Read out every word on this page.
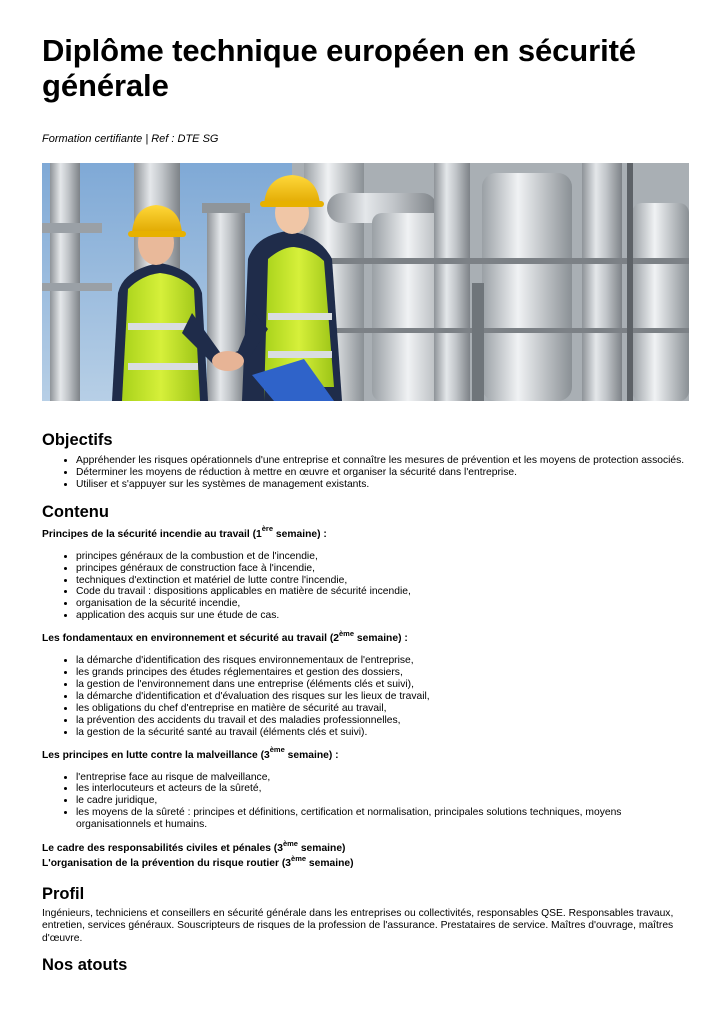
Diplôme technique européen en sécurité générale
Formation certifiante | Ref : DTE SG
Objectifs
• Appréhender les risques opérationnels d'une entreprise et connaître les mesures de prévention et les moyens de protection associés.
• Déterminer les moyens de réduction à mettre en œuvre et organiser la sécurité dans l'entreprise.
• Utiliser et s'appuyer sur les systèmes de management existants.
Contenu

Principes de la sécurité incendie au travail (1ère semaine) :

• principes généraux de la combustion et de l'incendie,
• principes généraux de construction face à l'incendie,
• techniques d'extinction et matériel de lutte contre l'incendie,
• Code du travail : dispositions applicables en matière de sécurité incendie,
• organisation de la sécurité incendie,
• application des acquis sur une étude de cas.

Les fondamentaux en environnement et sécurité au travail (2ème semaine) :

• la démarche d'identification des risques environnementaux de l'entreprise,
• les grands principes des études réglementaires et gestion des dossiers,
• la gestion de l'environnement dans une entreprise (éléments clés et suivi),
• la démarche d'identification et d'évaluation des risques sur les lieux de travail,
• les obligations du chef d'entreprise en matière de sécurité au travail,
• la prévention des accidents du travail et des maladies professionnelles,
• la gestion de la sécurité santé au travail (éléments clés et suivi).

Les principes en lutte contre la malveillance (3ème semaine) :

• l'entreprise face au risque de malveillance,
• les interlocuteurs et acteurs de la sûreté,
• le cadre juridique,
• les moyens de la sûreté : principes et définitions, certification et normalisation, principales solutions techniques, moyens organisationnels et humains.

Le cadre des responsabilités civiles et pénales (3ème semaine)

L'organisation de la prévention du risque routier (3ème semaine)

Profil
Ingénieurs, techniciens et conseillers en sécurité générale dans les entreprises ou collectivités, responsables QSE. Responsables travaux, entretien, services généraux. Souscripteurs de risques de la profession de l'assurance. Prestataires de service. Maîtres d'ouvrage, maîtres d'œuvre.
Nos atouts
